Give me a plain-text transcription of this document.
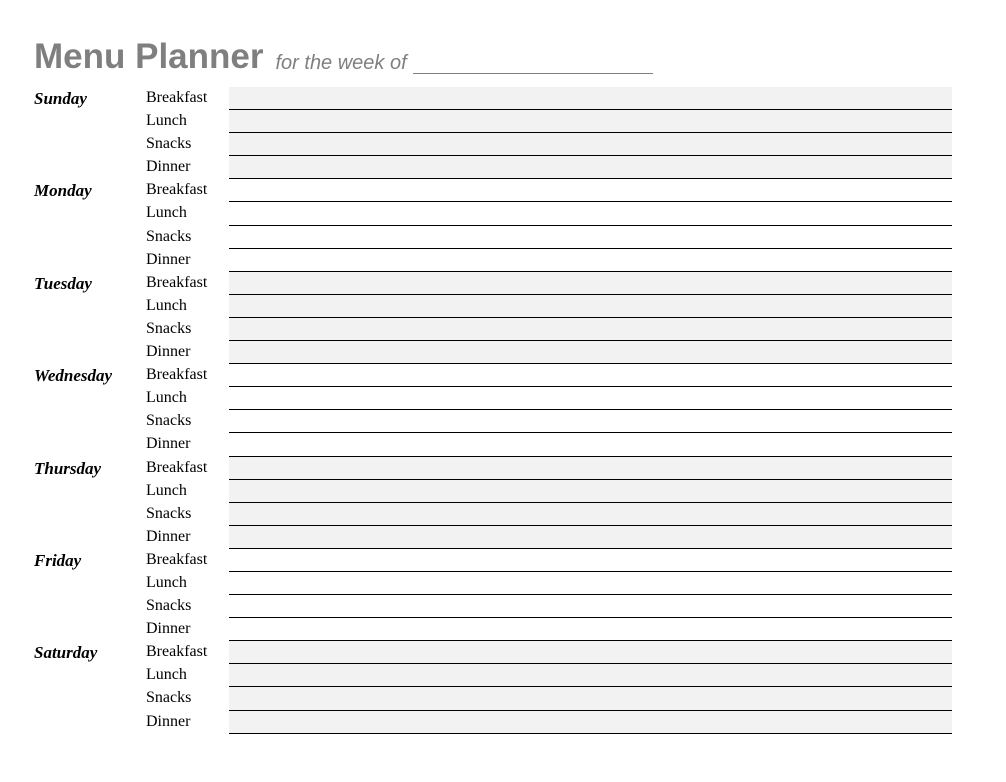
Menu Planner for the week of
Sunday	Breakfast
Lunch
Snacks
Dinner
Monday	Breakfast
Lunch
Snacks
Dinner
Tuesday	Breakfast
Lunch
Snacks
Dinner
Wednesday Breakfast
Lunch
Snacks
Dinner
Thursday	Breakfast
Lunch
Snacks
Dinner
Friday	Breakfast
Lunch
Snacks
Dinner
Saturday	Breakfast
Lunch
Snacks
Dinner
